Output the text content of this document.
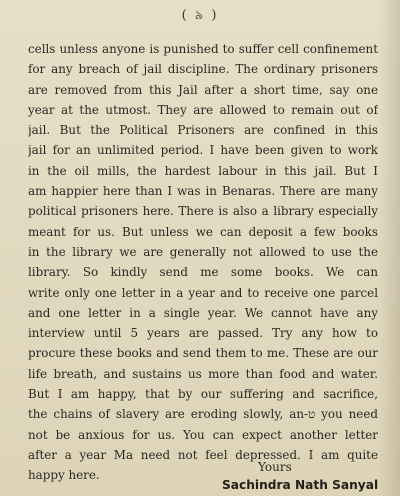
( ৯ )
cells unless anyone is punished to suffer cell confinement
for any breach of jail discipline. The ordinary prisoners
are removed from this Jail after a short time, say one
year at the utmost. They are allowed to remain out of
jail. But the Political Prisoners are confined in this
jail for an unlimited period. I have been given to work
in the oil mills, the hardest labour in this jail. But I
am happier here than I was in Benaras. There are many
political prisoners here. There is also a library especially
meant for us. But unless we can deposit a few books
in the library we are generally not allowed to use the
library. So kindly send me some books. We can
write only one letter in a year and to receive one parcel
and one letter in a single year. We cannot have any
interview until 5 years are passed. Try any how to
procure these books and send them to me. These are our
life breath, and sustains us more than food and water.
But I am happy, that by our suffering and sacrifice,
the chains of slavery are eroding slowly, an-ט you need
not be anxious for us. You can expect another letter
after a year Ma need not feel depressed. I am quite
happy here.
Yours
Sachindra Nath Sanyal
